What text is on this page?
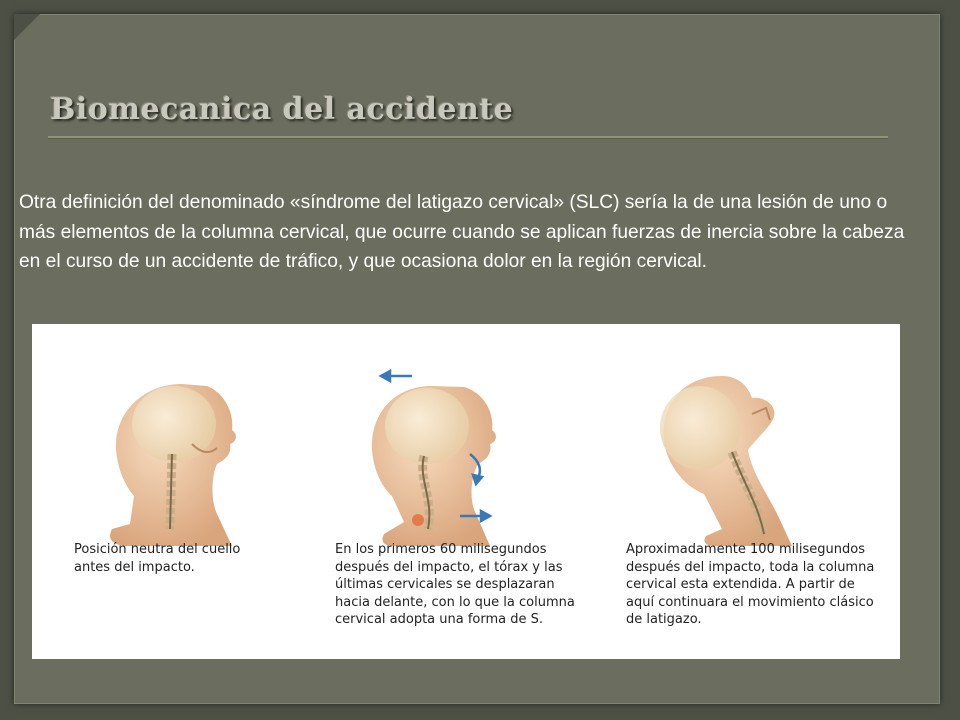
Biomecanica del accidente
Otra definición del denominado «síndrome del latigazo cervical» (SLC) sería la de una lesión de uno o más elementos de la columna cervical, que ocurre cuando se aplican fuerzas de inercia sobre la cabeza en el curso de un accidente de tráfico, y que ocasiona dolor en la región cervical.
Posición neutra del cuello antes del impacto.
En los primeros 60 milisegundos después del impacto, el tórax y las últimas cervicales se desplazaran hacia delante, con lo que la columna cervical adopta una forma de S.
Aproximadamente 100 milisegundos después del impacto, toda la columna cervical esta extendida. A partir de aquí continuara el movimiento clásico de latigazo.
